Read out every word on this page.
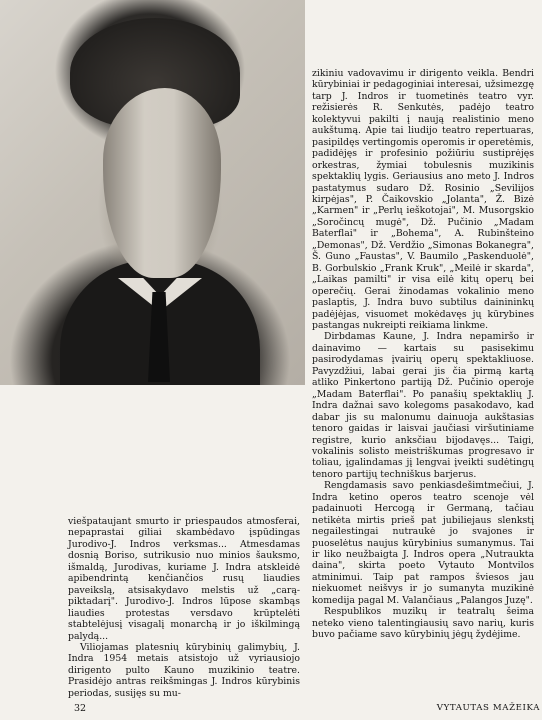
zikiniu vadovavimu ir dirigento veikla. Bendri kūrybiniai ir pedagoginiai interesai, užsimezgę tarp J. Indros ir tuometinės teatro vyr. režisierės R. Senkutės, padėjo teatro kolektyvui pakilti į naują realistinio meno aukštumą. Apie tai liudijo teatro repertuaras, pasipildęs vertingomis operomis ir operetėmis, padidėjęs ir profesinio požiūriu sustiprėjęs orkestras, žymiai tobulesnis muzikinis spektaklių lygis. Geriausius ano meto J. Indros pastatymus sudaro Dž. Rosinio „Sevilijos kirpėjas", P. Čaikovskio „Jolanta", Ž. Bizė „Karmen" ir „Perlų ieškotojai", M. Musorgskio „Soročincų mugė", Dž. Pučinio „Madam Baterflai" ir „Bohema", A. Rubinšteino „Demonas", Dž. Verdžio „Simonas Bokanegra", Š. Guno „Faustas", V. Baumilo „Paskenduolė", B. Gorbulskio „Frank Kruk", „Meilė ir skarda", „Laikas pamilti" ir visa eilė kitų operų bei operečių. Gerai žinodamas vokalinio meno paslaptis, J. Indra buvo subtilus dainininkų padėjėjas, visuomet mokėdavęs jų kūrybines pastangas nukreipti reikiama linkme.

Dirbdamas Kaune, J. Indra nepamiršo ir dainavimo — kartais su pasisekimu pasirodydamas įvairių operų spektakliuose. Pavyzdžiui, labai gerai jis čia pirmą kartą atliko Pinkertono partiją Dž. Pučinio operoje „Madam Baterflai". Po panašių spektaklių J. Indra dažnai savo kolegoms pasakodavo, kad dabar jis su malonumu dainuoja aukštasias tenoro gaidas ir laisvai jaučiasi viršutiniame registre, kurio anksčiau bijodavęs... Taigi, vokalinis solisto meistriškumas progresavo ir toliau, įgalindamas jį lengvai įveikti sudėtingų tenoro partijų techniškus barjerus.

Rengdamasis savo penkiasdešimtmečiui, J. Indra ketino operos teatro scenoje vėl padainuoti Hercogą ir Germaną, tačiau netikėta mirtis prieš pat jubiliejaus slenkstį negailestingai nutraukė jo svajones ir puoselėtus naujus kūrybinius sumanymus. Tai ir liko neužbaigta J. Indros opera „Nutraukta daina", skirta poeto Vytauto Montvilos atminimui. Taip pat rampos šviesos jau niekuomet neišvys ir jo sumanyta muzikinė komedija pagal M. Valančiaus „Palangos Juzę".

Respublikos muzikų ir teatralų šeima neteko vieno talentingiausių savo narių, kuris buvo pačiame savo kūrybinių jėgų žydėjime.

viešpataujant smurto ir priespaudos atmosferai, nepaprastai giliai skambėdavo įspūdingas Jurodivo-J. Indros verksmas... Atmesdamas dosnią Boriso, sutrikusio nuo minios šauksmo, išmaldą, Jurodivas, kuriame J. Indra atskleidė apibendrintą kenčiančios rusų liaudies paveikslą, atsisakydavo melstis už „carą-piktadarį". Jurodivo-J. Indros lūpose skambąs liaudies protestas versdavo krūptelėti stabtelėjusį visagalį monarchą ir jo iškilmingą palydą...

Viliojamas platesnių kūrybinių galimybių, J. Indra 1954 metais atsistojo už vyriausiojo dirigento pulto Kauno muzikinio teatre. Prasidėjo antras reikšmingas J. Indros kūrybinis periodas, susijęs su mu-

32	VYTAUTAS MAŽEIKA
